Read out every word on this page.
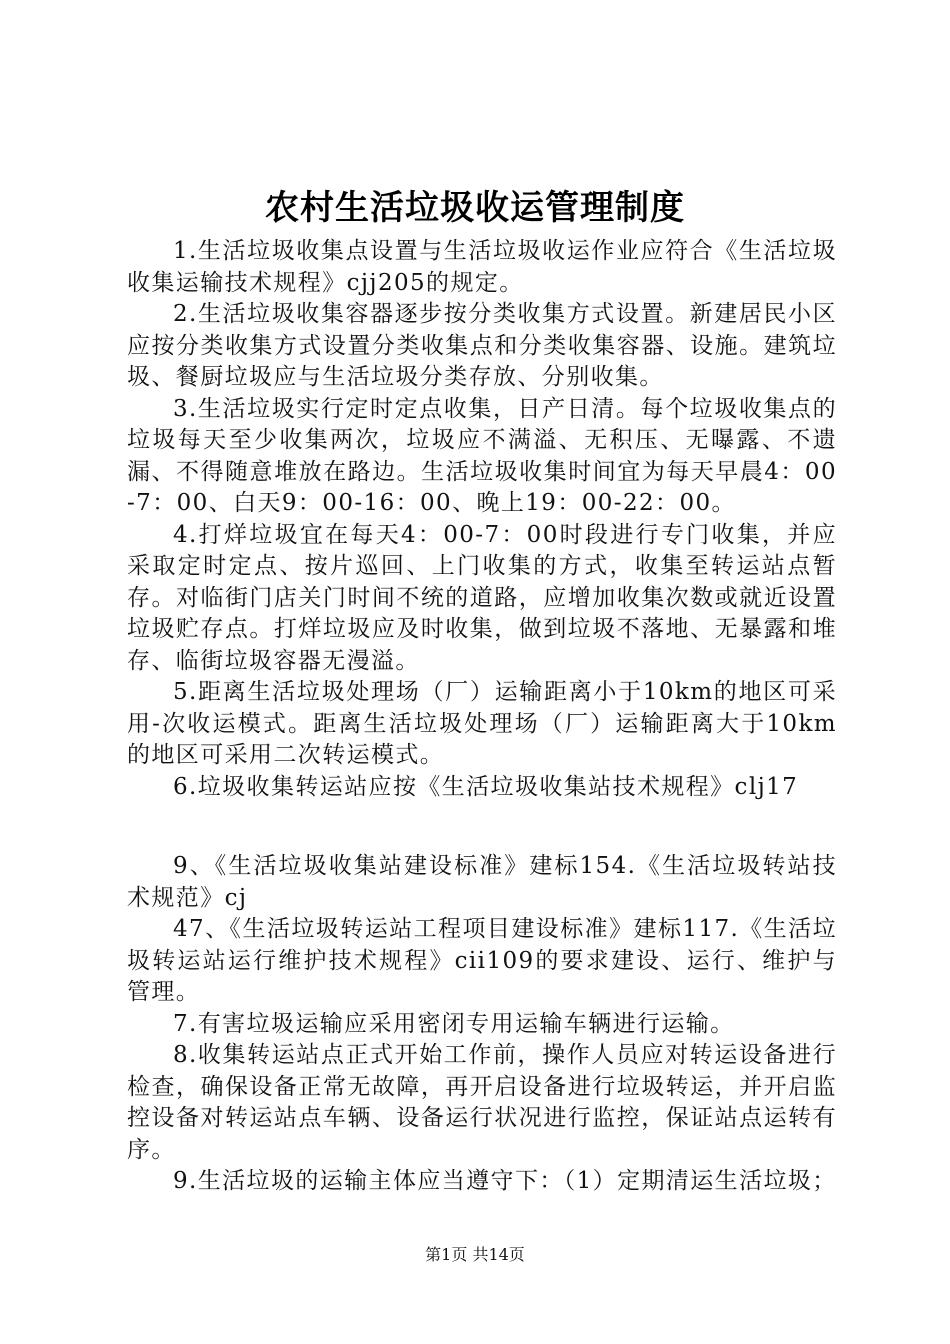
农村生活垃圾收运管理制度

1.生活垃圾收集点设置与生活垃圾收运作业应符合《生活垃圾收集运输技术规程》cjj205的规定。

2.生活垃圾收集容器逐步按分类收集方式设置。新建居民小区应按分类收集方式设置分类收集点和分类收集容器、设施。建筑垃圾、餐厨垃圾应与生活垃圾分类存放、分别收集。

3.生活垃圾实行定时定点收集，日产日清。每个垃圾收集点的垃圾每天至少收集两次，垃圾应不满溢、无积压、无曝露、不遗漏、不得随意堆放在路边。生活垃圾收集时间宜为每天早晨4：00-7：00、白天9：00-16：00、晚上19：00-22：00。

4.打烊垃圾宜在每天4：00-7：00时段进行专门收集，并应采取定时定点、按片巡回、上门收集的方式，收集至转运站点暂存。对临街门店关门时间不统的道路，应增加收集次数或就近设置垃圾贮存点。打烊垃圾应及时收集，做到垃圾不落地、无暴露和堆存、临街垃圾容器无漫溢。

5.距离生活垃圾处理场（厂）运输距离小于10km的地区可采用-次收运模式。距离生活垃圾处理场（厂）运输距离大于10km的地区可采用二次转运模式。

6.垃圾收集转运站应按《生活垃圾收集站技术规程》clj17

9、《生活垃圾收集站建设标准》建标154.《生活垃圾转站技术规范》cj

47、《生活垃圾转运站工程项目建设标准》建标117.《生活垃圾转运站运行维护技术规程》cii109的要求建设、运行、维护与管理。

7.有害垃圾运输应采用密闭专用运输车辆进行运输。

8.收集转运站点正式开始工作前，操作人员应对转运设备进行检查，确保设备正常无故障，再开启设备进行垃圾转运，并开启监控设备对转运站点车辆、设备运行状况进行监控，保证站点运转有序。

9.生活垃圾的运输主体应当遵守下：（1）定期清运生活垃圾；

第1页 共14页
